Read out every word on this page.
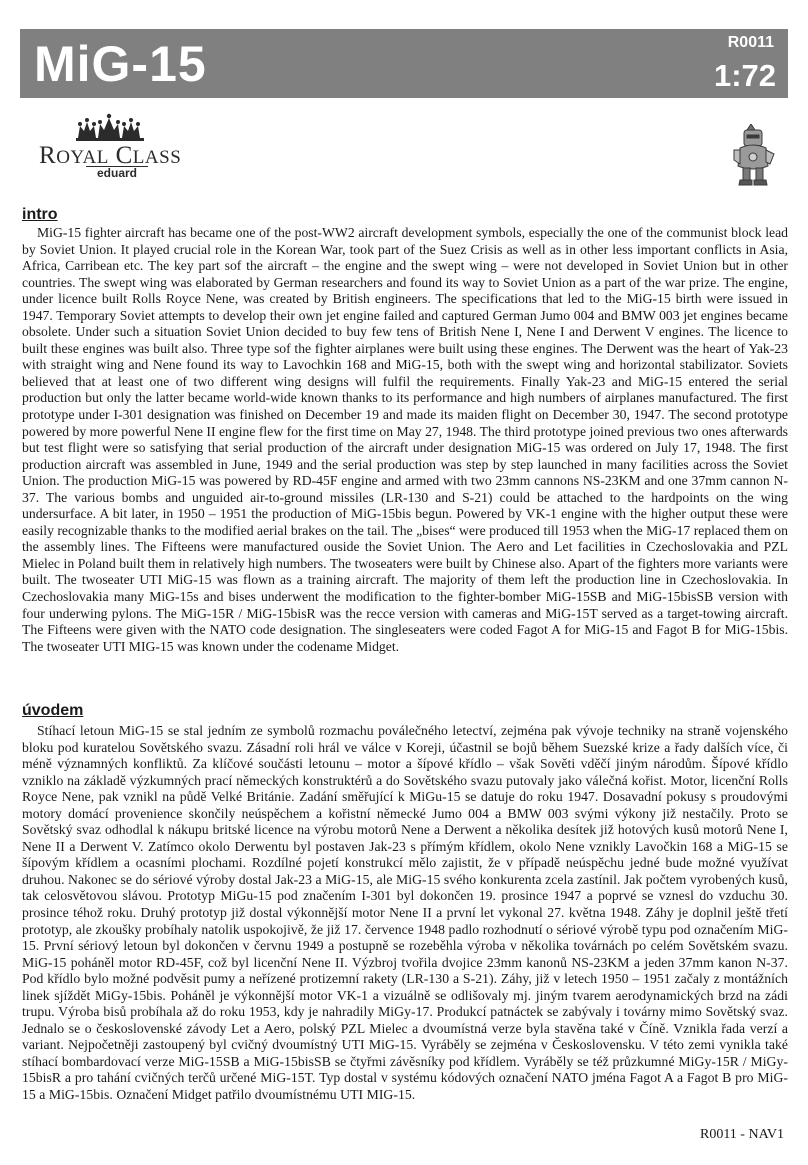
MiG-15	R0011
1:72
ROYAL CLASS
eduard
intro

MiG-15 fighter aircraft has became one of the post-WW2 aircraft development symbols, especially the one of the communist block lead by Soviet Union. It played crucial role in the Korean War, took part of the Suez Crisis as well as in other less important conflicts in Asia, Africa, Carribean etc. The key part sof the aircraft – the engine and the swept wing – were not developed in Soviet Union but in other countries. The swept wing was elaborated by German researchers and found its way to Soviet Union as a part of the war prize. The engine, under licence built Rolls Royce Nene, was created by British engineers. The specifications that led to the MiG-15 birth were issued in 1947. Temporary Soviet attempts to develop their own jet engine failed and captured German Jumo 004 and BMW 003 jet engines became obsolete. Under such a situation Soviet Union decided to buy few tens of British Nene I, Nene I and Derwent V engines. The licence to built these engines was built also. Three type sof the fighter airplanes were built using these engines. The Derwent was the heart of Yak-23 with straight wing and Nene found its way to Lavochkin 168 and MiG-15, both with the swept wing and horizontal stabilizator. Soviets believed that at least one of two different wing designs will fulfil the requirements. Finally Yak-23 and MiG-15 entered the serial production but only the latter became world-wide known thanks to its performance and high numbers of airplanes manufactured. The first prototype under I-301 designation was finished on December 19 and made its maiden flight on December 30, 1947. The second prototype powered by more powerful Nene II engine flew for the first time on May 27, 1948. The third prototype joined previous two ones afterwards but test flight were so satisfying that serial production of the aircraft under designation MiG-15 was ordered on July 17, 1948. The first production aircraft was assembled in June, 1949 and the serial production was step by step launched in many facilities across the Soviet Union. The production MiG-15 was powered by RD-45F engine and armed with two 23mm cannons NS-23KM and one 37mm cannon N-37. The various bombs and unguided air-to-ground missiles (LR-130 and S-21) could be attached to the hardpoints on the wing undersurface. A bit later, in 1950 – 1951 the production of MiG-15bis begun. Powered by VK-1 engine with the higher output these were easily recognizable thanks to the modified aerial brakes on the tail. The „bises“ were produced till 1953 when the MiG-17 replaced them on the assembly lines. The Fifteens were manufactured ouside the Soviet Union. The Aero and Let facilities in Czechoslovakia and PZL Mielec in Poland built them in relatively high numbers. The twoseaters were built by Chinese also. Apart of the fighters more variants were built. The twoseater UTI MiG-15 was flown as a training aircraft. The majority of them left the production line in Czechoslovakia. In Czechoslovakia many MiG-15s and bises underwent the modification to the fighter-bomber MiG-15SB and MiG-15bisSB version with four underwing pylons. The MiG-15R / MiG-15bisR was the recce version with cameras and MiG-15T served as a target-towing aircraft. The Fifteens were given with the NATO code designation. The singleseaters were coded Fagot A for MiG-15 and Fagot B for MiG-15bis. The twoseater UTI MIG-15 was known under the codename Midget.

úvodem

Stíhací letoun MiG-15 se stal jedním ze symbolů rozmachu poválečného letectví, zejména pak vývoje techniky na straně vojenského bloku pod kuratelou Sovětského svazu. Zásadní roli hrál ve válce v Koreji, účastnil se bojů během Suezské krize a řady dalších více, či méně významných konfliktů. Za klíčové součásti letounu – motor a šípové křídlo – však Sověti vděčí jiným národům. Šípové křídlo vzniklo na základě výzkumných prací německých konstruktérů a do Sovětského svazu putovaly jako válečná kořist. Motor, licenční Rolls Royce Nene, pak vznikl na půdě Velké Británie. Zadání směřující k MiGu-15 se datuje do roku 1947. Dosavadní pokusy s proudovými motory domácí provenience skončily neúspěchem a kořistní německé Jumo 004 a BMW 003 svými výkony již nestačily. Proto se Sovětský svaz odhodlal k nákupu britské licence na výrobu motorů Nene a Derwent a několika desítek již hotových kusů motorů Nene I, Nene II a Derwent V. Zatímco okolo Derwentu byl postaven Jak-23 s přímým křídlem, okolo Nene vznikly Lavočkin 168 a MiG-15 se šípovým křídlem a ocasními plochami. Rozdílné pojetí konstrukcí mělo zajistit, že v případě neúspěchu jedné bude možné využívat druhou. Nakonec se do sériové výroby dostal Jak-23 a MiG-15, ale MiG-15 svého konkurenta zcela zastínil. Jak počtem vyrobených kusů, tak celosvětovou slávou. Prototyp MiGu-15 pod značením I-301 byl dokončen 19. prosince 1947 a poprvé se vznesl do vzduchu 30. prosince téhož roku. Druhý prototyp již dostal výkonnější motor Nene II a první let vykonal 27. května 1948. Záhy je doplnil ještě třetí prototyp, ale zkoušky probíhaly natolik uspokojivě, že již 17. července 1948 padlo rozhodnutí o sériové výrobě typu pod označením MiG-15. První sériový letoun byl dokončen v červnu 1949 a postupně se rozeběhla výroba v několika továrnách po celém Sovětském svazu. MiG-15 poháněl motor RD-45F, což byl licenční Nene II. Výzbroj tvořila dvojice 23mm kanonů NS-23KM a jeden 37mm kanon N-37. Pod křídlo bylo možné podvěsit pumy a neřízené protizemní rakety (LR-130 a S-21). Záhy, již v letech 1950 – 1951 začaly z montážních linek sjíždět MiGy-15bis. Poháněl je výkonnější motor VK-1 a vizuálně se odlišovaly mj. jiným tvarem aerodynamických brzd na zádi trupu. Výroba bisů probíhala až do roku 1953, kdy je nahradily MiGy-17. Produkcí patnáctek se zabývaly i továrny mimo Sovětský svaz. Jednalo se o československé závody Let a Aero, polský PZL Mielec a dvoumístná verze byla stavěna také v Číně. Vznikla řada verzí a variant. Nejpočetněji zastoupený byl cvičný dvoumístný UTI MiG-15. Vyráběly se zejména v Československu. V této zemi vynikla také stíhací bombardovací verze MiG-15SB a MiG-15bisSB se čtyřmi závěsníky pod křídlem. Vyráběly se též průzkumné MiGy-15R / MiGy-15bisR a pro tahání cvičných terčů určené MiG-15T. Typ dostal v systému kódových označení NATO jména Fagot A a Fagot B pro MiG-15 a MiG-15bis. Označení Midget patřilo dvoumístnému UTI MIG-15.

R0011 - NAV1
